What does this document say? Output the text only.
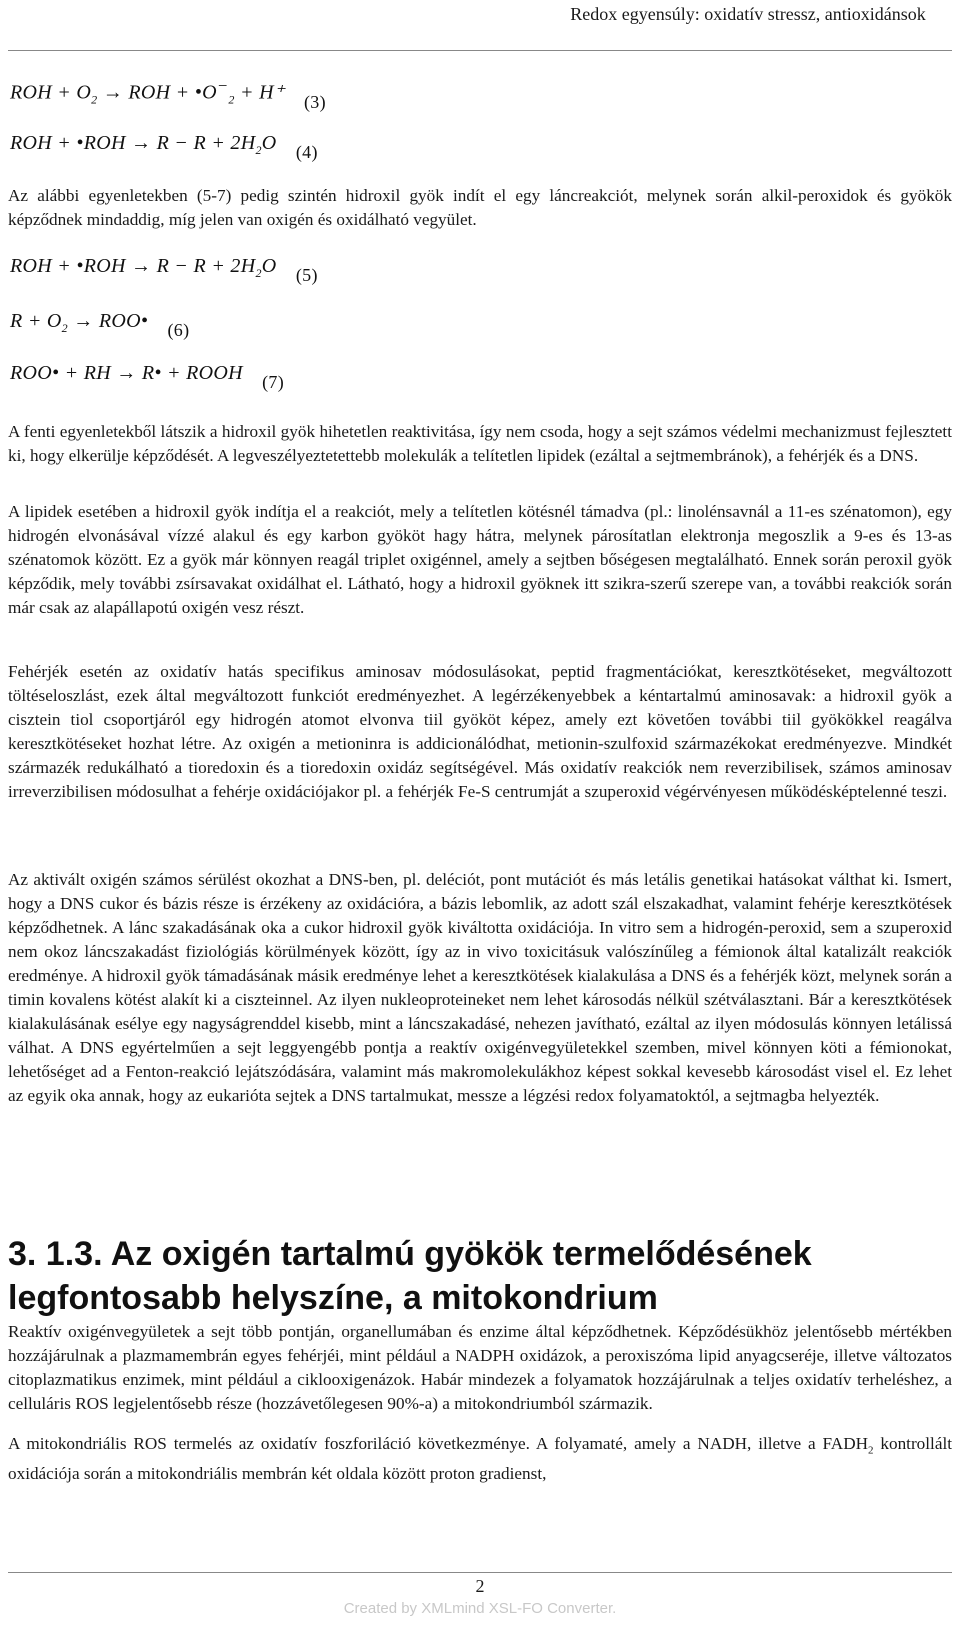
Redox egyensúly: oxidatív stressz, antioxidánsok
ROH + $O_2$ → ROH + $•O^-_2 + H^+$ (3)
ROH + •ROH → $R - R + 2H_2O$ (4)

Az alábbi egyenletekben (5-7) pedig szintén hidroxil gyök indít el egy láncreakciót, melynek során alkil-peroxidok és gyökök képződnek mindaddig, míg jelen van oxigén és oxidálható vegyület.

ROH + •ROH → $R - R + 2H_2O$ (5)
$R + O_2$ → ROO• (6)
ROO• + RH → R• + ROOH (7)

A fenti egyenletekből látszik a hidroxil gyök hihetetlen reaktivitása, így nem csoda, hogy a sejt számos védelmi mechanizmust fejlesztett ki, hogy elkerülje képződését. A legveszélyeztetettebb molekulák a telítetlen lipidek (ezáltal a sejtmembránok), a fehérjék és a DNS.

A lipidek esetében a hidroxil gyök indítja el a reakciót, mely a telítetlen kötésnél támadva (pl.: linolénsavnál a 11-es szénatomon), egy hidrogén elvonásával vízzé alakul és egy karbon gyököt hagy hátra, melynek párosítatlan elektronja megoszlik a 9-es és 13-as szénatomok között. Ez a gyök már könnyen reagál triplet oxigénnel, amely a sejtben bőségesen megtalálható. Ennek során peroxil gyök képződik, mely további zsírsavakat oxidálhat el. Látható, hogy a hidroxil gyöknek itt szikra-szerű szerepe van, a további reakciók során már csak az alapállapotú oxigén vesz részt.

Fehérjék esetén az oxidatív hatás specifikus aminosav módosulásokat, peptid fragmentációkat, keresztkötéseket, megváltozott töltéseloszlást, ezek által megváltozott funkciót eredményezhet. A legérzékenyebbek a kéntartalmú aminosavak: a hidroxil gyök a cisztein tiol csoportjáról egy hidrogén atomot elvonva tiil gyököt képez, amely ezt követően további tiil gyökökkel reagálva keresztkötéseket hozhat létre. Az oxigén a metioninra is addicionálódhat, metionin-szulfoxid származékokat eredményezve. Mindkét származék redukálható a tioredoxin és a tioredoxin oxidáz segítségével. Más oxidatív reakciók nem reverzibilisek, számos aminosav irreverzibilisen módosulhat a fehérje oxidációjakor pl. a fehérjék Fe-S centrumját a szuperoxid végérvényesen működésképtelenné teszi.

Az aktivált oxigén számos sérülést okozhat a DNS-ben, pl. deléciót, pont mutációt és más letális genetikai hatásokat válthat ki. Ismert, hogy a DNS cukor és bázis része is érzékeny az oxidációra, a bázis lebomlik, az adott szál elszakadhat, valamint fehérje keresztkötések képződhetnek. A lánc szakadásának oka a cukor hidroxil gyök kiváltotta oxidációja. In vitro sem a hidrogén-peroxid, sem a szuperoxid nem okoz láncszakadást fiziológiás körülmények között, így az in vivo toxicitásuk valószínűleg a fémionok által katalizált reakciók eredménye. A hidroxil gyök támadásának másik eredménye lehet a keresztkötések kialakulása a DNS és a fehérjék közt, melynek során a timin kovalens kötést alakít ki a ciszteinnel. Az ilyen nukleoproteineket nem lehet károsodás nélkül szétválasztani. Bár a keresztkötések kialakulásának esélye egy nagyságrenddel kisebb, mint a láncszakadásé, nehezen javítható, ezáltal az ilyen módosulás könnyen letálissá válhat. A DNS egyértelműen a sejt leggyengébb pontja a reaktív oxigénvegyületekkel szemben, mivel könnyen köti a fémionokat, lehetőséget ad a Fenton-reakció lejátszódására, valamint más makromolekulákhoz képest sokkal kevesebb károsodást visel el. Ez lehet az egyik oka annak, hogy az eukarióta sejtek a DNS tartalmukat, messze a légzési redox folyamatoktól, a sejtmagba helyezték.

3. 1.3. Az oxigén tartalmú gyökök termelődésének legfontosabb helyszíne, a mitokondrium

Reaktív oxigénvegyületek a sejt több pontján, organellumában és enzime által képződhetnek. Képződésükhöz jelentősebb mértékben hozzájárulnak a plazmamembrán egyes fehérjéi, mint például a NADPH oxidázok, a peroxiszóma lipid anyagcseréje, illetve változatos citoplazmatikus enzimek, mint például a ciklooxigenázok. Habár mindezek a folyamatok hozzájárulnak a teljes oxidatív terheléshez, a celluláris ROS legjelentősebb része (hozzávetőlegesen 90%-a) a mitokondriumból származik.

A mitokondriális ROS termelés az oxidatív foszforiláció következménye. A folyamaté, amely a NADH, illetve a $FADH_2$ kontrollált oxidációja során a mitokondriális membrán két oldala között proton gradienst,

2
Created by XMLmind XSL-FO Converter.
